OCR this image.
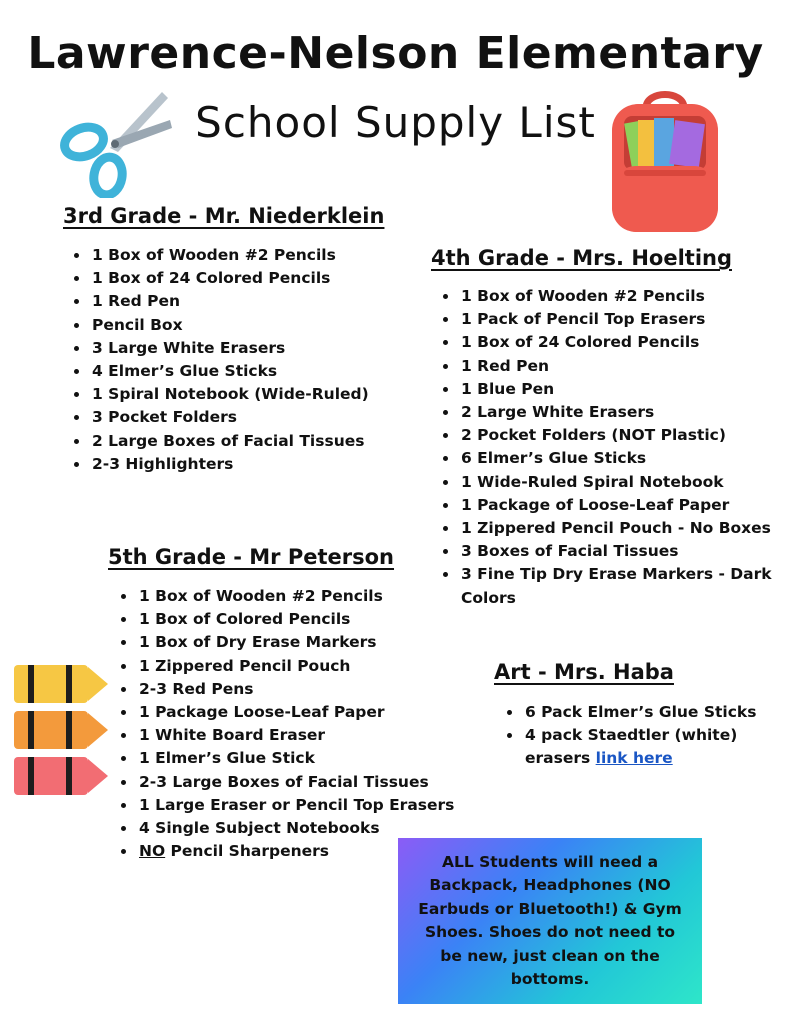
Lawrence-Nelson Elementary
School Supply List
3rd Grade - Mr. Niederklein
• 1 Box of Wooden #2 Pencils
• 1 Box of 24 Colored Pencils
• 1 Red Pen
• Pencil Box
• 3 Large White Erasers
• 4 Elmer’s Glue Sticks
• 1 Spiral Notebook (Wide-Ruled)
• 3 Pocket Folders
• 2 Large Boxes of Facial Tissues
• 2-3 Highlighters
4th Grade - Mrs. Hoelting
• 1 Box of Wooden #2 Pencils
• 1 Pack of Pencil Top Erasers
• 1 Box of 24 Colored Pencils
• 1 Red Pen
• 1 Blue Pen
• 2 Large White Erasers
• 2 Pocket Folders (NOT Plastic)
• 6 Elmer’s Glue Sticks
• 1 Wide-Ruled Spiral Notebook
• 1 Package of Loose-Leaf Paper
• 1 Zippered Pencil Pouch - No Boxes
• 3 Boxes of Facial Tissues
• 3 Fine Tip Dry Erase Markers - Dark Colors
5th Grade - Mr Peterson
• 1 Box of Wooden #2 Pencils
• 1 Box of Colored Pencils
• 1 Box of Dry Erase Markers
• 1 Zippered Pencil Pouch
• 2-3 Red Pens
• 1 Package Loose-Leaf Paper
• 1 White Board Eraser
• 1 Elmer’s Glue Stick
• 2-3 Large Boxes of Facial Tissues
• 1 Large Eraser or Pencil Top Erasers
• 4 Single Subject Notebooks
• NO Pencil Sharpeners
Art - Mrs. Haba
• 6 Pack Elmer’s Glue Sticks
• 4 pack Staedtler (white) erasers link here

ALL Students will need a Backpack, Headphones (NO Earbuds or Bluetooth!) & Gym Shoes. Shoes do not need to be new, just clean on the bottoms.
